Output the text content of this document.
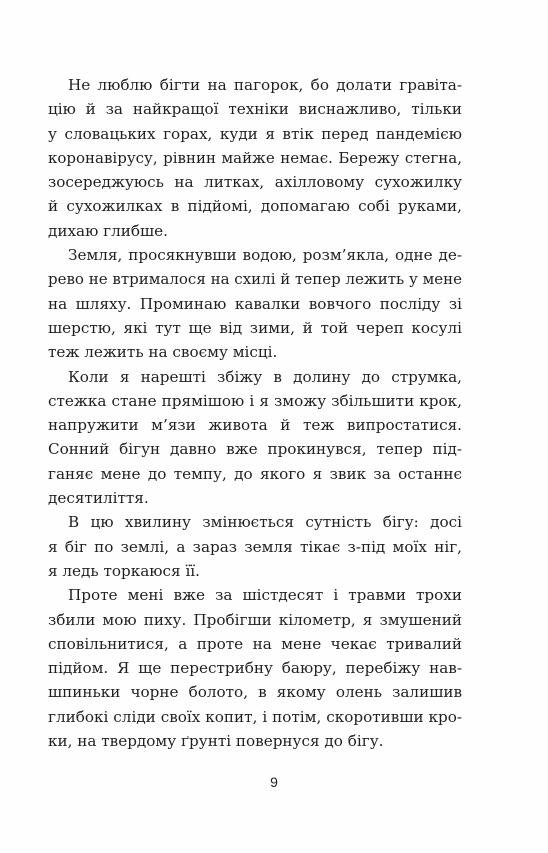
Не люблю бігти на пагорок, бо долати гравіта-
цію й за найкращої техніки виснажливо, тільки
у словацьких горах, куди я втік перед пандемією
коронавірусу, рівнин майже немає. Бережу стегна,
зосереджуюсь на литках, ахілловому сухожилку
й сухожилках в підйомі, допомагаю собі руками,
дихаю глибше.
Земля, просякнувши водою, розм’якла, одне де-
рево не втрималося на схилі й тепер лежить у мене
на шляху. Проминаю кавалки вовчого посліду зі
шерстю, які тут ще від зими, й той череп косулі
теж лежить на своєму місці.
Коли я нарешті збіжу в долину до струмка,
стежка стане прямішою і я зможу збільшити крок,
напружити м’язи живота й теж випростатися.
Сонний бігун давно вже прокинувся, тепер під-
ганяє мене до темпу, до якого я звик за останнє
десятиліття.
В цю хвилину змінюється сутність бігу: досі
я біг по землі, а зараз земля тікає з-під моїх ніг,
я ледь торкаюся її.
Проте мені вже за шістдесят і травми трохи
збили мою пиху. Пробігши кілометр, я змушений
сповільнитися, а проте на мене чекає тривалий
підйом. Я ще перестрибну баюру, перебіжу нав-
шпиньки чорне болото, в якому олень залишив
глибокі сліди своїх копит, і потім, скоротивши кро-
ки, на твердому ґрунті повернуся до бігу.
9
